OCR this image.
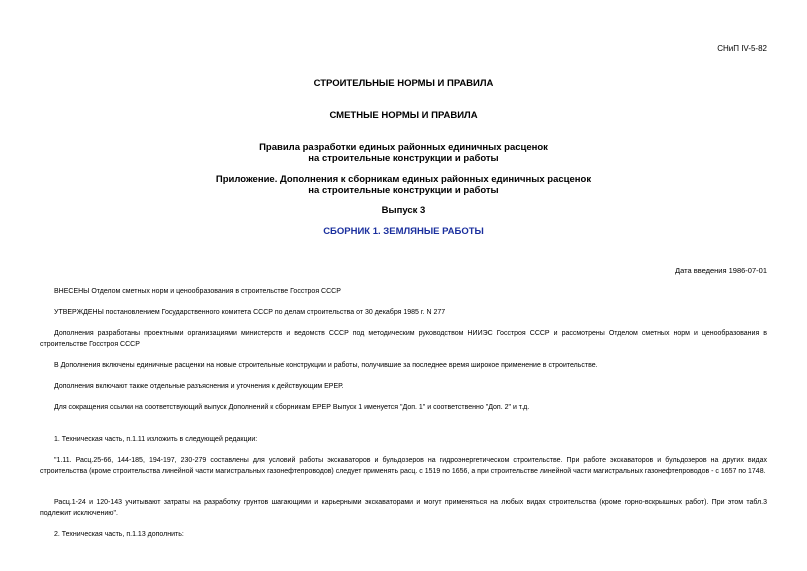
СНиП IV-5-82
СТРОИТЕЛЬНЫЕ НОРМЫ И ПРАВИЛА
СМЕТНЫЕ НОРМЫ И ПРАВИЛА
Правила разработки единых районных единичных расценок
на строительные конструкции и работы
Приложение. Дополнения к сборникам единых районных единичных расценок
на строительные конструкции и работы
Выпуск 3
СБОРНИК 1. ЗЕМЛЯНЫЕ РАБОТЫ
Дата введения 1986-07-01
ВНЕСЕНЫ Отделом сметных норм и ценообразования в строительстве Госстроя СССР
УТВЕРЖДЕНЫ постановлением Государственного комитета СССР по делам строительства от 30 декабря 1985 г. N 277
Дополнения разработаны проектными организациями министерств и ведомств СССР под методическим руководством НИИЭС Госстроя СССР и рассмотрены Отделом сметных норм и ценообразования в строительстве Госстроя СССР
В Дополнения включены единичные расценки на новые строительные конструкции и работы, получившие за последнее время широкое применение в строительстве.
Дополнения включают также отдельные разъяснения и уточнения к действующим ЕРЕР.
Для сокращения ссылки на соответствующий выпуск Дополнений к сборникам ЕРЕР Выпуск 1 именуется "Доп. 1" и соответственно "Доп. 2" и т.д.
1. Техническая часть, п.1.11 изложить в следующей редакции:
"1.11. Расц.25-66, 144-185, 194-197, 230-279 составлены для условий работы экскаваторов и бульдозеров на гидроэнергетическом строительстве. При работе экскаваторов и бульдозеров на других видах строительства (кроме строительства линейной части магистральных газонефтепроводов) следует применять расц. с 1519 по 1656, а при строительстве линейной части магистральных газонефтепроводов - с 1657 по 1748.
Расц.1-24 и 120-143 учитывают затраты на разработку грунтов шагающими и карьерными экскаваторами и могут применяться на любых видах строительства (кроме горно-вскрышных работ). При этом табл.3 подлежит исключению".
2. Техническая часть, п.1.13 дополнить:
